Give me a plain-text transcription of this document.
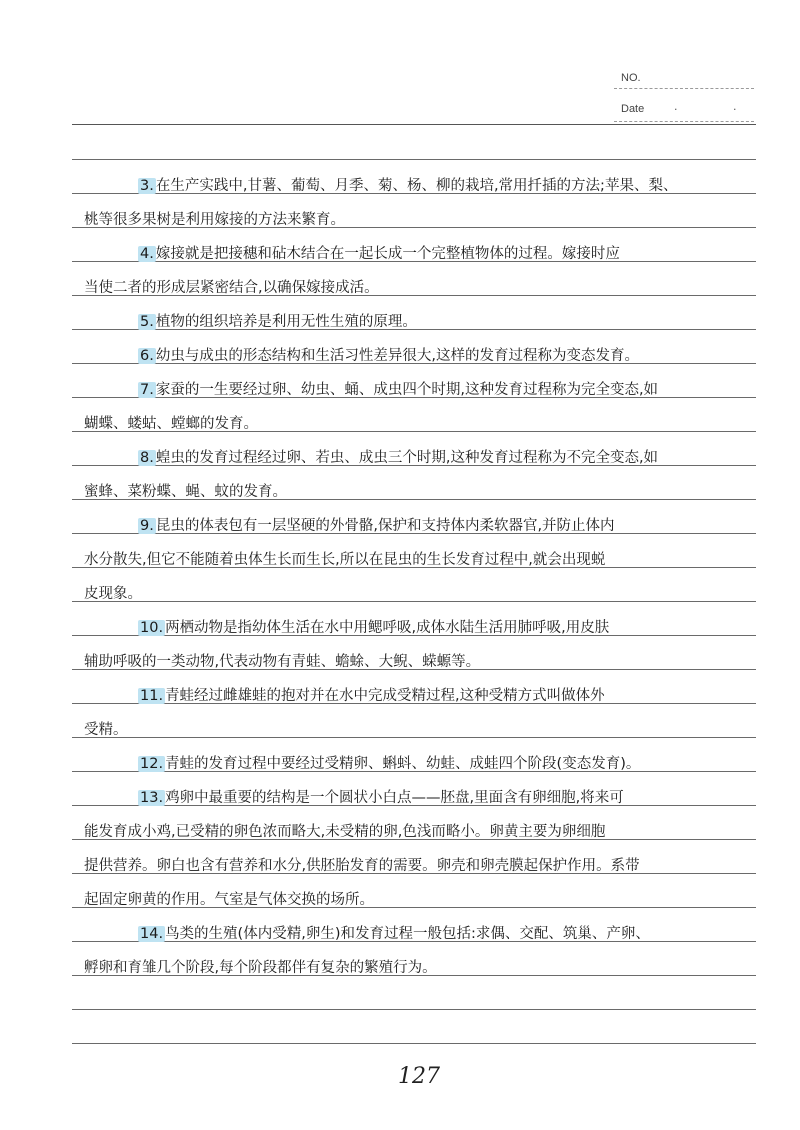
NO.
Date	· ·
3. 在生产实践中,甘薯、葡萄、月季、菊、杨、柳的栽培,常用扦插的方法;苹果、梨、
桃等很多果树是利用嫁接的方法来繁育。
4. 嫁接就是把接穗和砧木结合在一起长成一个完整植物体的过程。嫁接时应
当使二者的形成层紧密结合,以确保嫁接成活。
5. 植物的组织培养是利用无性生殖的原理。
6. 幼虫与成虫的形态结构和生活习性差异很大,这样的发育过程称为变态发育。
7. 家蚕的一生要经过卵、幼虫、蛹、成虫四个时期,这种发育过程称为完全变态,如
蝴蝶、蝼蛄、螳螂的发育。
8. 蝗虫的发育过程经过卵、若虫、成虫三个时期,这种发育过程称为不完全变态,如
蜜蜂、菜粉蝶、蝇、蚊的发育。
9. 昆虫的体表包有一层坚硬的外骨骼,保护和支持体内柔软器官,并防止体内
水分散失,但它不能随着虫体生长而生长,所以在昆虫的生长发育过程中,就会出现蜕
皮现象。
10. 两栖动物是指幼体生活在水中用鳃呼吸,成体水陆生活用肺呼吸,用皮肤
辅助呼吸的一类动物,代表动物有青蛙、蟾蜍、大鲵、蝾螈等。
11. 青蛙经过雌雄蛙的抱对并在水中完成受精过程,这种受精方式叫做体外
受精。
12. 青蛙的发育过程中要经过受精卵、蝌蚪、幼蛙、成蛙四个阶段(变态发育)。
13. 鸡卵中最重要的结构是一个圆状小白点——胚盘,里面含有卵细胞,将来可
能发育成小鸡,已受精的卵色浓而略大,未受精的卵,色浅而略小。卵黄主要为卵细胞
提供营养。卵白也含有营养和水分,供胚胎发育的需要。卵壳和卵壳膜起保护作用。系带
起固定卵黄的作用。气室是气体交换的场所。
14. 鸟类的生殖(体内受精,卵生)和发育过程一般包括:求偶、交配、筑巢、产卵、
孵卵和育雏几个阶段,每个阶段都伴有复杂的繁殖行为。
127
